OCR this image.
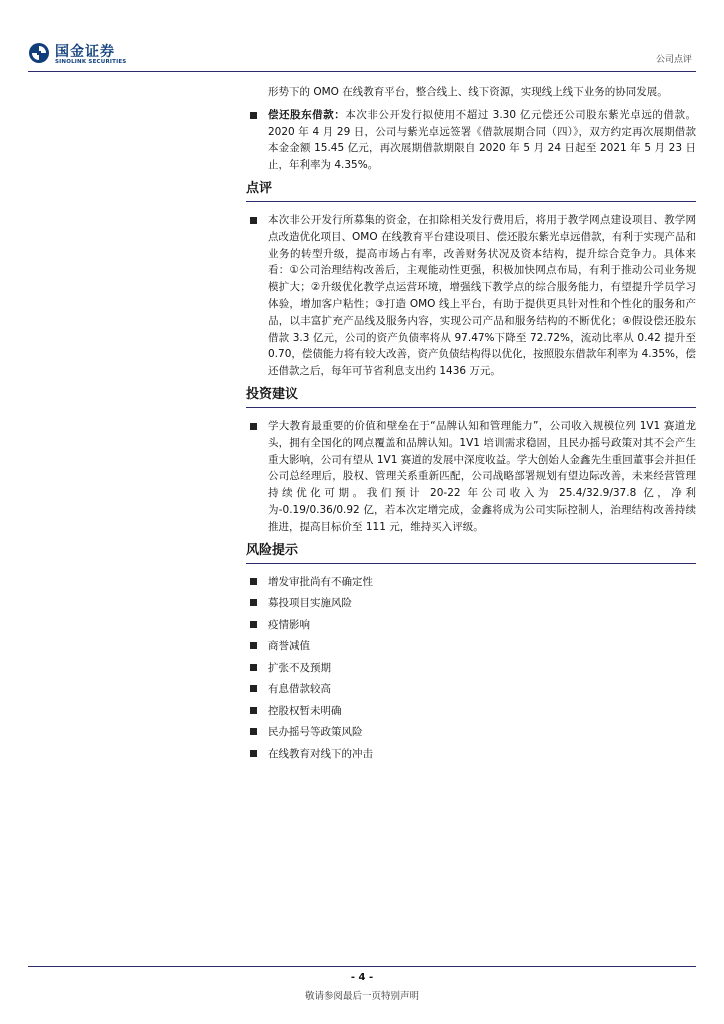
国金证券
SINOLINK SECURITIES	公司点评

形势下的 OMO 在线教育平台，整合线上、线下资源，实现线上线下业务的协同发展。

偿还股东借款：本次非公开发行拟使用不超过 3.30 亿元偿还公司股东紫光卓远的借款。2020 年 4 月 29 日，公司与紫光卓远签署《借款展期合同（四）》，双方约定再次展期借款本金金额 15.45 亿元，再次展期借款期限自 2020 年 5 月 24 日起至 2021 年 5 月 23 日止，年利率为 4.35%。
点评
本次非公开发行所募集的资金，在扣除相关发行费用后，将用于教学网点建设项目、教学网点改造优化项目、OMO 在线教育平台建设项目、偿还股东紫光卓远借款，有利于实现产品和业务的转型升级，提高市场占有率，改善财务状况及资本结构，提升综合竞争力。具体来看：①公司治理结构改善后，主观能动性更强，积极加快网点布局，有利于推动公司业务规模扩大；②升级优化教学点运营环境，增强线下教学点的综合服务能力，有望提升学员学习体验，增加客户粘性；③打造 OMO 线上平台，有助于提供更具针对性和个性化的服务和产品，以丰富扩充产品线及服务内容，实现公司产品和服务结构的不断优化；④假设偿还股东借款 3.3 亿元，公司的资产负债率将从 97.47%下降至 72.72%，流动比率从 0.42 提升至 0.70，偿债能力将有较大改善，资产负债结构得以优化，按照股东借款年利率为 4.35%，偿还借款之后，每年可节省利息支出约 1436 万元。
投资建议
学大教育最重要的价值和壁垒在于“品牌认知和管理能力”，公司收入规模位列 1V1 赛道龙头，拥有全国化的网点覆盖和品牌认知。1V1 培训需求稳固，且民办摇号政策对其不会产生重大影响，公司有望从 1V1 赛道的发展中深度收益。学大创始人金鑫先生重回董事会并担任公司总经理后，股权、管理关系重新匹配，公司战略部署规划有望边际改善，未来经营管理持续优化可期。我们预计 20-22 年公司收入为 25.4/32.9/37.8 亿，净利为-0.19/0.36/0.92 亿，若本次定增完成，金鑫将成为公司实际控制人，治理结构改善持续推进，提高目标价至 111 元，维持买入评级。
风险提示
增发审批尚有不确定性
募投项目实施风险
疫情影响
商誉减值
扩张不及预期
有息借款较高
控股权暂未明确
民办摇号等政策风险
在线教育对线下的冲击
- 4 -
敬请参阅最后一页特别声明
